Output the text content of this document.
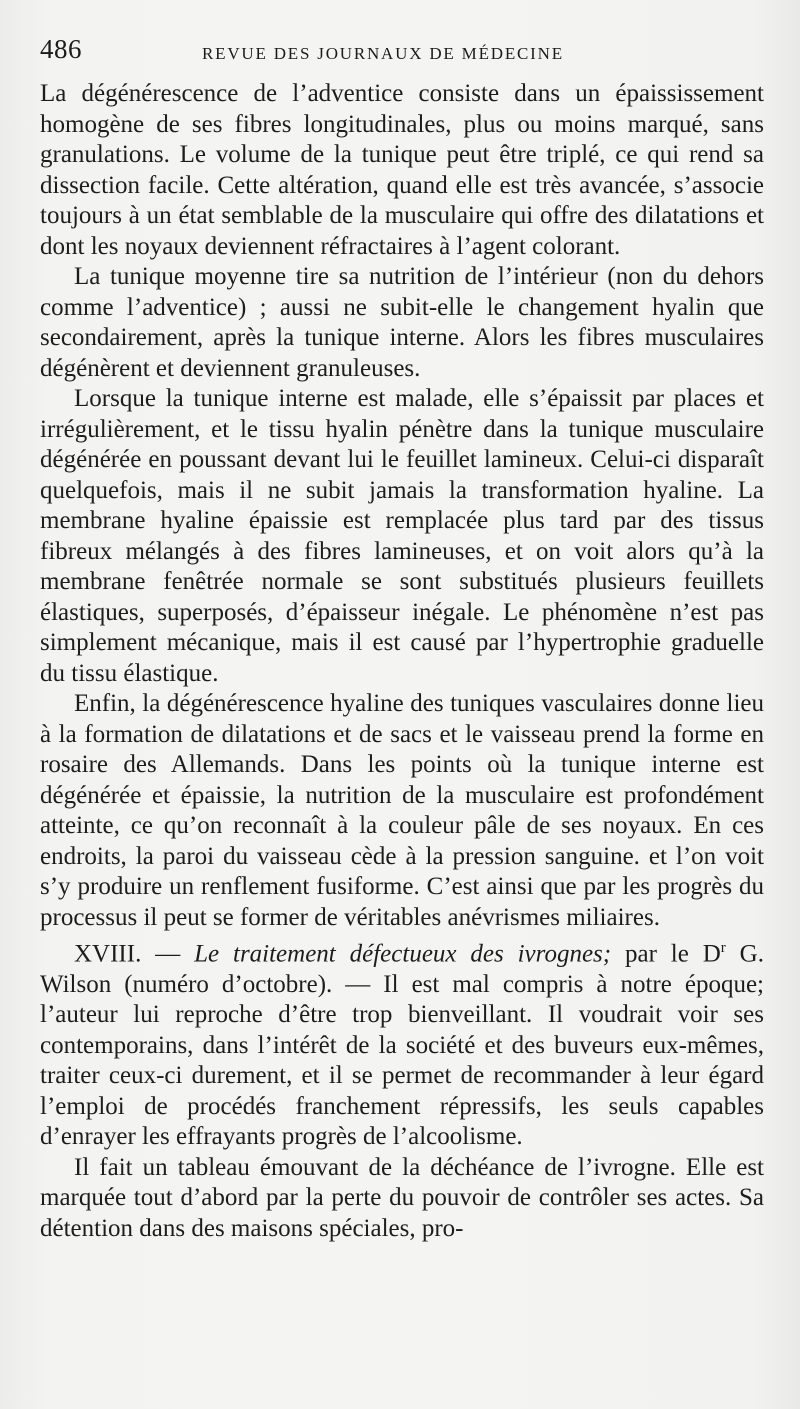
486	REVUE DES JOURNAUX DE MÉDECINE

La dégénérescence de l’adventice consiste dans un épaississement homogène de ses fibres longitudinales, plus ou moins marqué, sans granulations. Le volume de la tunique peut être triplé, ce qui rend sa dissection facile. Cette altération, quand elle est très avancée, s’associe toujours à un état semblable de la musculaire qui offre des dilatations et dont les noyaux deviennent réfractaires à l’agent colorant.

La tunique moyenne tire sa nutrition de l’intérieur (non du dehors comme l’adventice) ; aussi ne subit-elle le changement hyalin que secondairement, après la tunique interne. Alors les fibres musculaires dégénèrent et deviennent granuleuses.

Lorsque la tunique interne est malade, elle s’épaissit par places et irrégulièrement, et le tissu hyalin pénètre dans la tunique musculaire dégénérée en poussant devant lui le feuillet lamineux. Celui-ci disparaît quelquefois, mais il ne subit jamais la transformation hyaline. La membrane hyaline épaissie est remplacée plus tard par des tissus fibreux mélangés à des fibres lamineuses, et on voit alors qu’à la membrane fenêtrée normale se sont substitués plusieurs feuillets élastiques, superposés, d’épaisseur inégale. Le phénomène n’est pas simplement mécanique, mais il est causé par l’hypertrophie graduelle du tissu élastique.

Enfin, la dégénérescence hyaline des tuniques vasculaires donne lieu à la formation de dilatations et de sacs et le vaisseau prend la forme en rosaire des Allemands. Dans les points où la tunique interne est dégénérée et épaissie, la nutrition de la musculaire est profondément atteinte, ce qu’on reconnaît à la couleur pâle de ses noyaux. En ces endroits, la paroi du vaisseau cède à la pression sanguine. et l’on voit s’y produire un renflement fusiforme. C’est ainsi que par les progrès du processus il peut se former de véritables anévrismes miliaires.

XVIII. — Le traitement défectueux des ivrognes; par le $D^r$ G. Wilson (numéro d’octobre). — Il est mal compris à notre époque; l’auteur lui reproche d’être trop bienveillant. Il voudrait voir ses contemporains, dans l’intérêt de la société et des buveurs eux-mêmes, traiter ceux-ci durement, et il se permet de recommander à leur égard l’emploi de procédés franchement répressifs, les seuls capables d’enrayer les effrayants progrès de l’alcoolisme.

Il fait un tableau émouvant de la déchéance de l’ivrogne. Elle est marquée tout d’abord par la perte du pouvoir de contrôler ses actes. Sa détention dans des maisons spéciales, pro-
